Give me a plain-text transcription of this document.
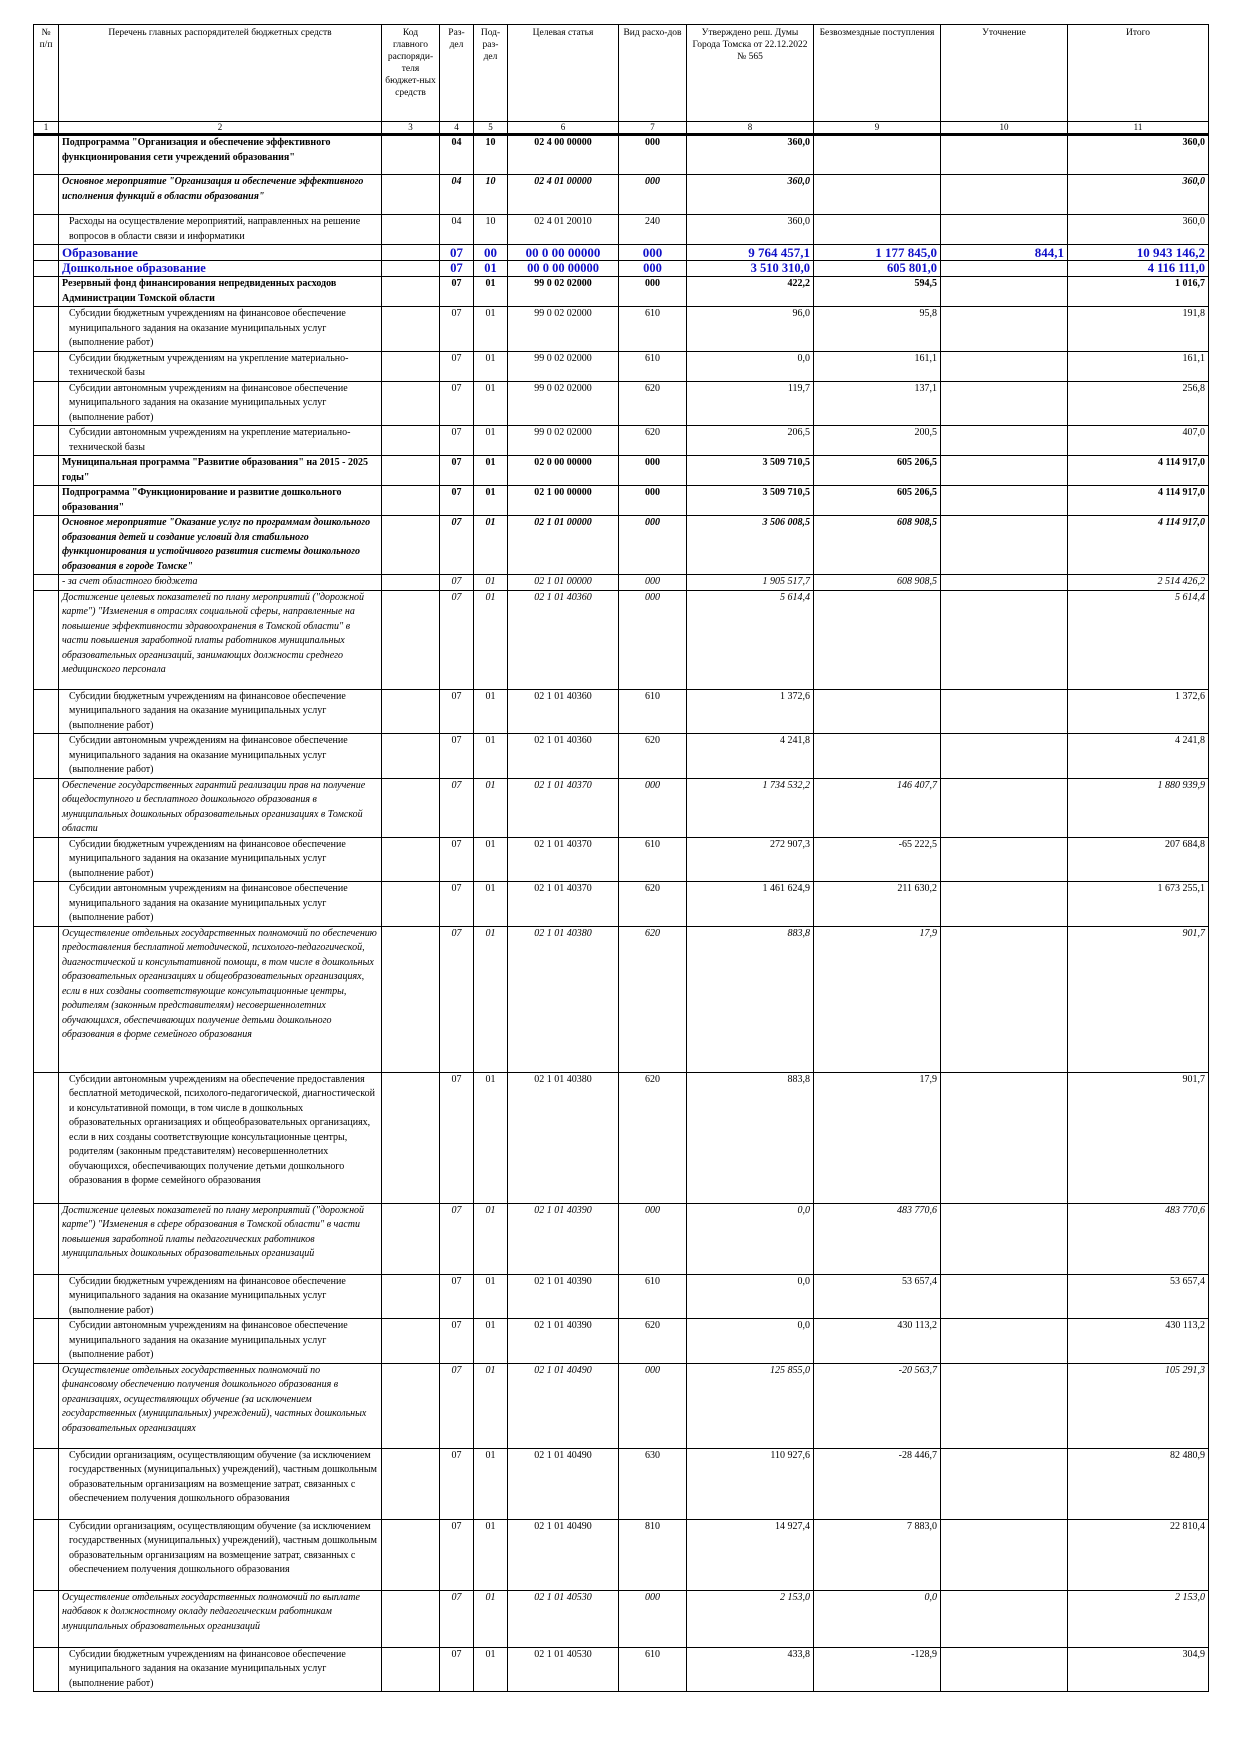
№ п/п	Перечень главных распорядителей бюджетных средств	Код главного распоряди-теля бюджет-ных средств	Раз-дел	Под-раз-дел	Целевая статья	Вид расхо-дов	Утверждено реш. Думы Города Томска от 22.12.2022 № 565	Безвозмездные поступления	Уточнение	Итого
1	2	3	4	5	6	7	8	9	10	11
	Подпрограмма "Организация и обеспечение эффективного функционирования сети учреждений образования"		04	10	02 4 00 00000	000	360,0			360,0
	Основное мероприятие "Организация и обеспечение эффективного исполнения функций в области образования"		04	10	02 4 01 00000	000	360,0			360,0
	Расходы на осуществление мероприятий, направленных на решение вопросов в области связи и информатики		04	10	02 4 01 20010	240	360,0			360,0
	Образование		07	00	00 0 00 00000	000	9 764 457,1	1 177 845,0	844,1	10 943 146,2
	Дошкольное образование		07	01	00 0 00 00000	000	3 510 310,0	605 801,0		4 116 111,0
	Резервный фонд финансирования непредвиденных расходов Администрации Томской области		07	01	99 0 02 02000	000	422,2	594,5		1 016,7
	Субсидии бюджетным учреждениям на финансовое обеспечение муниципального задания на оказание муниципальных услуг (выполнение работ)		07	01	99 0 02 02000	610	96,0	95,8		191,8
	Субсидии бюджетным учреждениям на укрепление материально-технической базы		07	01	99 0 02 02000	610	0,0	161,1		161,1
	Субсидии автономным учреждениям на финансовое обеспечение муниципального задания на оказание муниципальных услуг (выполнение работ)		07	01	99 0 02 02000	620	119,7	137,1		256,8
	Субсидии автономным учреждениям на укрепление материально-технической базы		07	01	99 0 02 02000	620	206,5	200,5		407,0
	Муниципальная программа "Развитие образования" на 2015 - 2025 годы"		07	01	02 0 00 00000	000	3 509 710,5	605 206,5		4 114 917,0
	Подпрограмма "Функционирование и развитие дошкольного образования"		07	01	02 1 00 00000	000	3 509 710,5	605 206,5		4 114 917,0
	Основное мероприятие "Оказание услуг по программам дошкольного образования детей и создание условий для стабильного функционирования и устойчивого развития системы дошкольного образования в городе Томске"		07	01	02 1 01 00000	000	3 506 008,5	608 908,5		4 114 917,0
	- за счет областного бюджета		07	01	02 1 01 00000	000	1 905 517,7	608 908,5		2 514 426,2
	Достижение целевых показателей по плану мероприятий ("дорожной карте") "Изменения в отраслях социальной сферы, направленные на повышение эффективности здравоохранения в Томской области" в части повышения заработной платы работников муниципальных образовательных организаций, занимающих должности среднего медицинского персонала		07	01	02 1 01 40360	000	5 614,4			5 614,4
	Субсидии бюджетным учреждениям на финансовое обеспечение муниципального задания на оказание муниципальных услуг (выполнение работ)		07	01	02 1 01 40360	610	1 372,6			1 372,6
	Субсидии автономным учреждениям на финансовое обеспечение муниципального задания на оказание муниципальных услуг (выполнение работ)		07	01	02 1 01 40360	620	4 241,8			4 241,8
	Обеспечение государственных гарантий реализации прав на получение общедоступного и бесплатного дошкольного образования в муниципальных дошкольных образовательных организациях в Томской области		07	01	02 1 01 40370	000	1 734 532,2	146 407,7		1 880 939,9
	Субсидии бюджетным учреждениям на финансовое обеспечение муниципального задания на оказание муниципальных услуг (выполнение работ)		07	01	02 1 01 40370	610	272 907,3	-65 222,5		207 684,8
	Субсидии автономным учреждениям на финансовое обеспечение муниципального задания на оказание муниципальных услуг (выполнение работ)		07	01	02 1 01 40370	620	1 461 624,9	211 630,2		1 673 255,1
	Осуществление отдельных государственных полномочий по обеспечению предоставления бесплатной методической, психолого-педагогической, диагностической и консультативной помощи, в том числе в дошкольных образовательных организациях и общеобразовательных организациях, если в них созданы соответствующие консультационные центры, родителям (законным представителям) несовершеннолетних обучающихся, обеспечивающих получение детьми дошкольного образования в форме семейного образования		07	01	02 1 01 40380	620	883,8	17,9		901,7
	Субсидии автономным учреждениям на обеспечение предоставления бесплатной методической, психолого-педагогической, диагностической и консультативной помощи, в том числе в дошкольных образовательных организациях и общеобразовательных организациях, если в них созданы соответствующие консультационные центры, родителям (законным представителям) несовершеннолетних обучающихся, обеспечивающих получение детьми дошкольного образования в форме семейного образования		07	01	02 1 01 40380	620	883,8	17,9		901,7
	Достижение целевых показателей по плану мероприятий ("дорожной карте") "Изменения в сфере образования в Томской области" в части повышения заработной платы педагогических работников муниципальных дошкольных образовательных организаций		07	01	02 1 01 40390	000	0,0	483 770,6		483 770,6
	Субсидии бюджетным учреждениям на финансовое обеспечение муниципального задания на оказание муниципальных услуг (выполнение работ)		07	01	02 1 01 40390	610	0,0	53 657,4		53 657,4
	Субсидии автономным учреждениям на финансовое обеспечение муниципального задания на оказание муниципальных услуг (выполнение работ)		07	01	02 1 01 40390	620	0,0	430 113,2		430 113,2
	Осуществление отдельных государственных полномочий по финансовому обеспечению получения дошкольного образования в организациях, осуществляющих обучение (за исключением государственных (муниципальных) учреждений), частных дошкольных образовательных организациях		07	01	02 1 01 40490	000	125 855,0	-20 563,7		105 291,3
	Субсидии организациям, осуществляющим обучение (за исключением государственных (муниципальных) учреждений), частным дошкольным образовательным организациям на возмещение затрат, связанных с обеспечением получения дошкольного образования		07	01	02 1 01 40490	630	110 927,6	-28 446,7		82 480,9
	Субсидии организациям, осуществляющим обучение (за исключением государственных (муниципальных) учреждений), частным дошкольным образовательным организациям на возмещение затрат, связанных с обеспечением получения дошкольного образования		07	01	02 1 01 40490	810	14 927,4	7 883,0		22 810,4
	Осуществление отдельных государственных полномочий по выплате надбавок к должностному окладу педагогическим работникам муниципальных образовательных организаций		07	01	02 1 01 40530	000	2 153,0	0,0		2 153,0
	Субсидии бюджетным учреждениям на финансовое обеспечение муниципального задания на оказание муниципальных услуг (выполнение работ)		07	01	02 1 01 40530	610	433,8	-128,9		304,9
